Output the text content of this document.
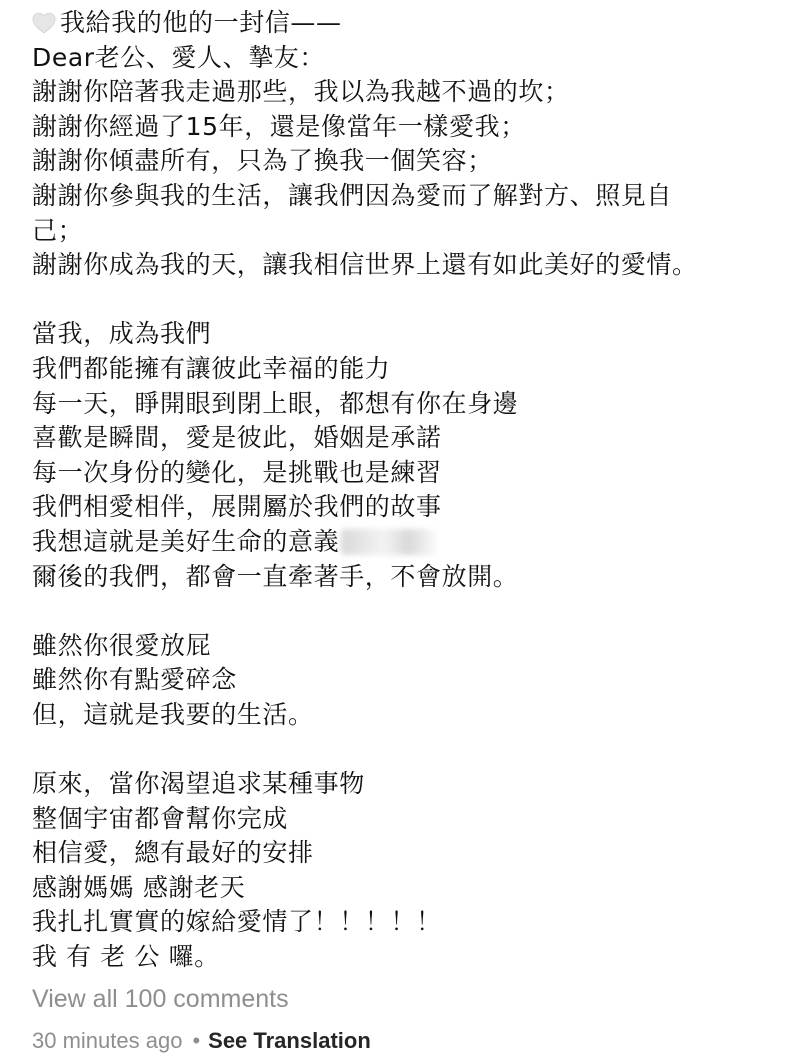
我給我的他的一封信——
Dear老公、愛人、摯友：
謝謝你陪著我走過那些，我以為我越不過的坎；
謝謝你經過了15年，還是像當年一樣愛我；
謝謝你傾盡所有，只為了換我一個笑容；
謝謝你參與我的生活，讓我們因為愛而了解對方、照見自
己；
謝謝你成為我的天，讓我相信世界上還有如此美好的愛情。
當我，成為我們
我們都能擁有讓彼此幸福的能力
每一天，睜開眼到閉上眼，都想有你在身邊
喜歡是瞬間，愛是彼此，婚姻是承諾
每一次身份的變化，是挑戰也是練習
我們相愛相伴，展開屬於我們的故事
我想這就是美好生命的意義
爾後的我們，都會一直牽著手，不會放開。
雖然你很愛放屁
雖然你有點愛碎念
但，這就是我要的生活。
原來，當你渴望追求某種事物
整個宇宙都會幫你完成
相信愛，總有最好的安排
感謝媽媽 感謝老天
我扎扎實實的嫁給愛情了！！！！！
我 有 老 公 囉。
View all 100 comments
30 minutes ago • See Translation
